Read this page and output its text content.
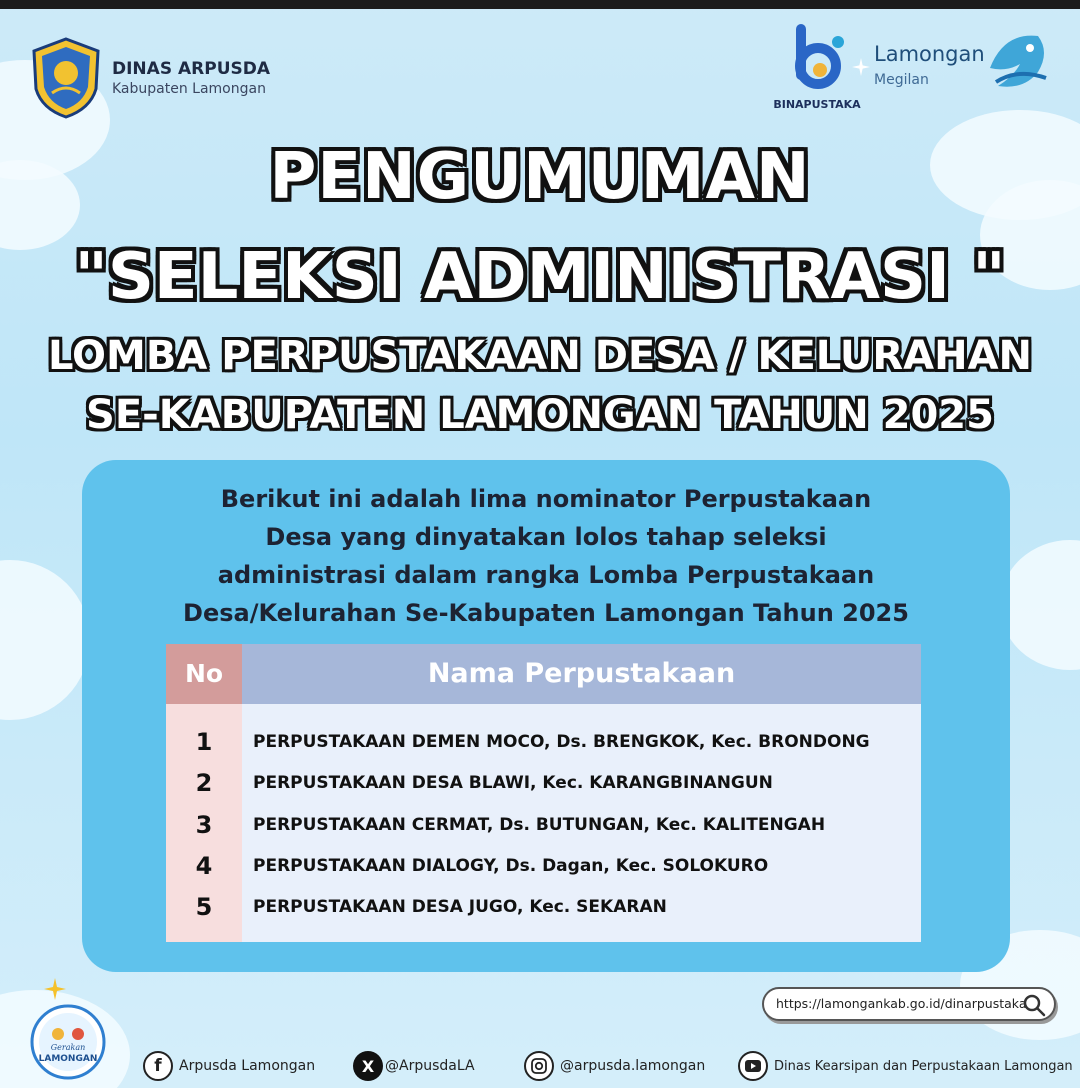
DINAS ARPUSDA
Kabupaten Lamongan
BINAPUSTAKA
Lamongan
Megilan
PENGUMUMAN
"SELEKSI ADMINISTRASI "
LOMBA PERPUSTAKAAN DESA / KELURAHAN
SE-KABUPATEN LAMONGAN TAHUN 2025
Berikut ini adalah lima nominator Perpustakaan
Desa yang dinyatakan lolos tahap seleksi
administrasi dalam rangka Lomba Perpustakaan
Desa/Kelurahan Se-Kabupaten Lamongan Tahun 2025
No	Nama Perpustakaan
1	PERPUSTAKAAN DEMEN MOCO, Ds. BRENGKOK, Kec. BRONDONG
2	PERPUSTAKAAN DESA BLAWI, Kec. KARANGBINANGUN
3	PERPUSTAKAAN CERMAT, Ds. BUTUNGAN, Kec. KALITENGAH
4	PERPUSTAKAAN DIALOGY, Ds. Dagan, Kec. SOLOKURO
5	PERPUSTAKAAN DESA JUGO, Kec. SEKARAN
https://lamongankab.go.id/dinarpustaka
Gerakan
LAMONGAN	f Arpusda Lamongan	X @ArpusdaLA	@arpusda.lamongan	Dinas Kearsipan dan Perpustakaan Lamongan
